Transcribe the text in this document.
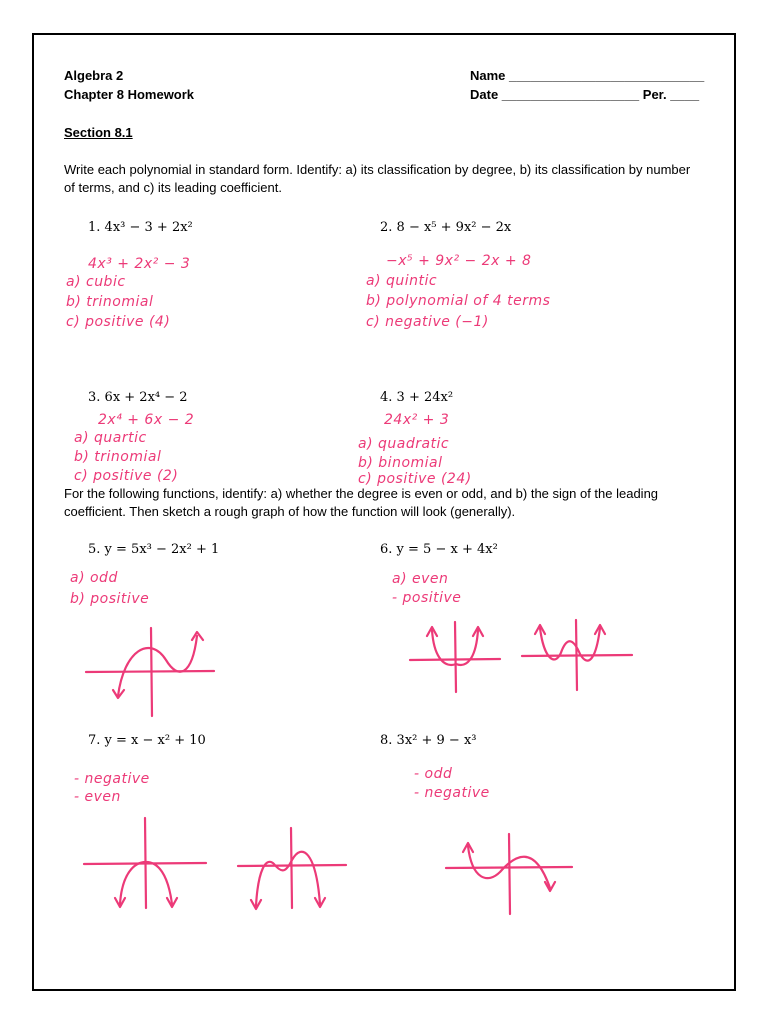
Algebra 2
Chapter 8 Homework
Name ___________________________
Date ___________________ Per. ____
Section 8.1
Write each polynomial in standard form. Identify: a) its classification by degree, b) its classification by number of terms, and c) its leading coefficient.
1. 4x³ − 3 + 2x²
4x³ + 2x² − 3
a) cubic
b) trinomial
c) positive (4)
2. 8 − x⁵ + 9x² − 2x
−x⁵ + 9x² − 2x + 8
a) quintic
b) polynomial of 4 terms
c) negative (−1)
3. 6x + 2x⁴ − 2
2x⁴ + 6x − 2
a) quartic
b) trinomial
c) positive (2)
4. 3 + 24x²
24x² + 3
a) quadratic
b) binomial
c) positive (24)
For the following functions, identify: a) whether the degree is even or odd, and b) the sign of the leading coefficient. Then sketch a rough graph of how the function will look (generally).
5. y = 5x³ − 2x² + 1
a) odd
b) positive
6. y = 5 − x + 4x²
a) even
- positive
7. y = x − x² + 10
- negative
- even
8. 3x² + 9 − x³
- odd
- negative
